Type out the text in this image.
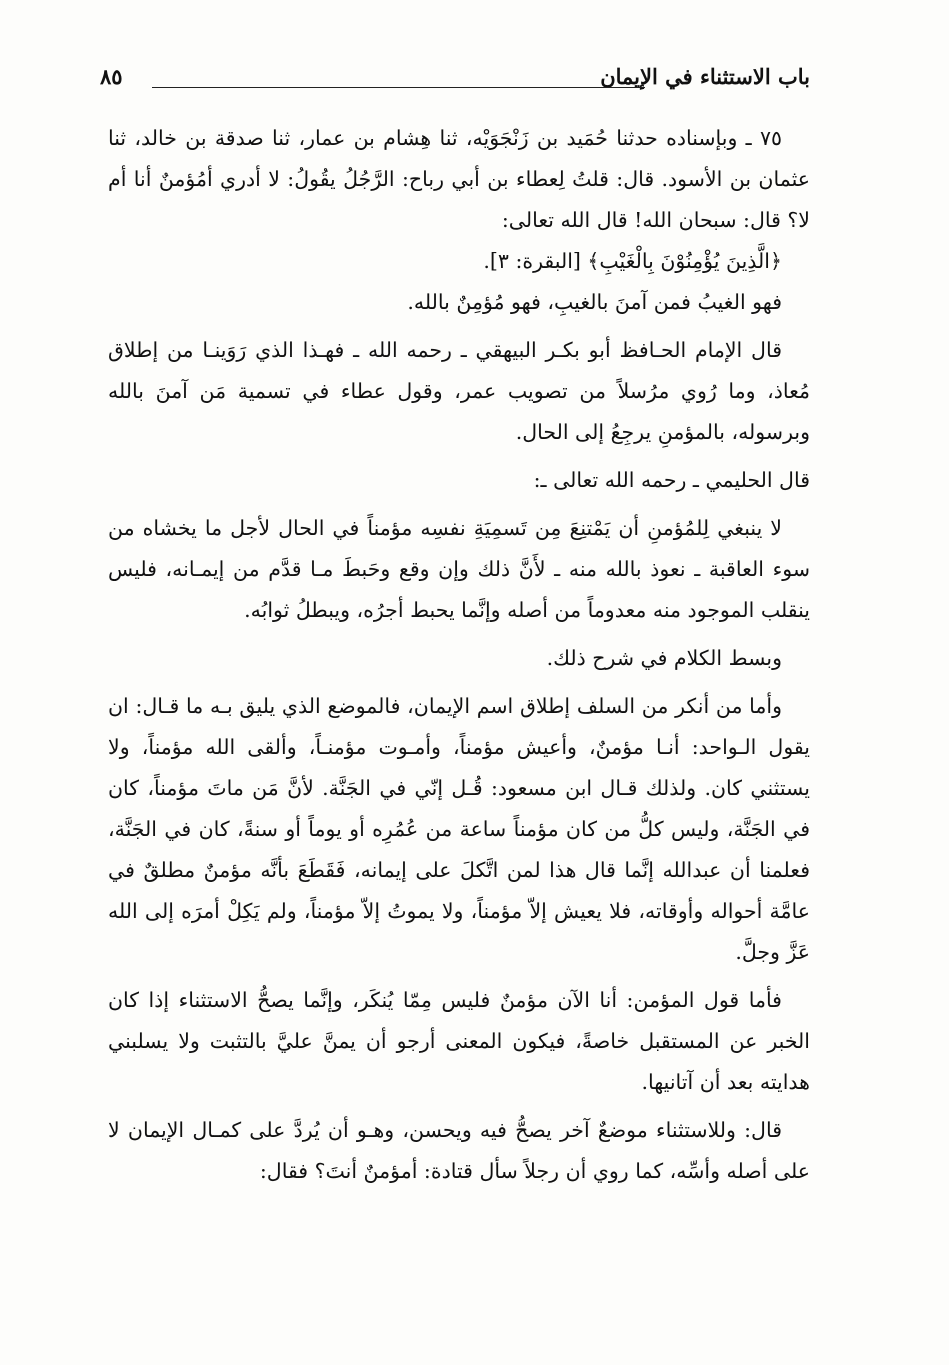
باب الاستثناء في الإيمان
٨٥

٧٥ ـ وبإسناده حدثنا حُمَيد بن زَنْجَوَيْه، ثنا هِشام بن عمار، ثنا صدقة بن خالد، ثنا عثمان بن الأسود. قال: قلتُ لِعطاء بن أبي رباح: الرَّجُلُ يقُولُ: لا أدري أمُؤمنٌ أنا أم لا؟ قال: سبحان الله! قال الله تعالى:

﴿الَّذِينَ يُؤْمِنُوْنَ بِالْغَيْبِ﴾ [البقرة: ٣].

فهو الغيبُ فمن آمنَ بالغيبِ، فهو مُؤمِنٌ بالله.

قال الإمام الحـافظ أبو بكـر البيهقي ـ رحمه الله ـ فهـذا الذي رَوَينـا من إطلاق مُعاذ، وما رُوي مرُسلاً من تصويب عمر، وقول عطاء في تسمية مَن آمنَ بالله وبرسوله، بالمؤمنِ يرجِعُ إلى الحال.

قال الحليمي ـ رحمه الله تعالى ـ:

لا ينبغي لِلمُؤمنِ أن يَمْتنِعَ مِن تَسمِيَةِ نفسِه مؤمناً في الحال لأجل ما يخشاه من سوء العاقبة ـ نعوذ بالله منه ـ لأَنَّ ذلك وإن وقع وحَبطَ مـا قدَّم من إيمـانه، فليس ينقلب الموجود منه معدوماً من أصله وإنَّما يحبط أجرُه، ويبطلُ ثوابُه.

وبسط الكلام في شرح ذلك.

وأما من أنكر من السلف إطلاق اسم الإيمان، فالموضع الذي يليق بـه ما قـال: ان يقول الـواحد: أنـا مؤمنٌ، وأعيش مؤمناً، وأمـوت مؤمنـاً، وألقى الله مؤمناً، ولا يستثني كان. ولذلك قـال ابن مسعود: قُـل إنّي في الجَنَّة. لأنَّ مَن ماتَ مؤمناً، كان في الجَنَّة، وليس كلُّ من كان مؤمناً ساعة من عُمُرِه أو يوماً أو سنةً، كان في الجَنَّة، فعلمنا أن عبدالله إنَّما قال هذا لمن اتَّكلَ على إيمانه، فَقَطَعَ بأنَّه مؤمنٌ مطلقٌ في عامَّة أحواله وأوقاته، فلا يعيش إلاّ مؤمناً، ولا يموتُ إلاّ مؤمناً، ولم يَكِلْ أمرَه إلى الله عَزَّ وجلَّ.

فأما قول المؤمن: أنا الآن مؤمنٌ فليس مِمّا يُنكَر، وإنَّما يصحُّ الاستثناء إذا كان الخبر عن المستقبل خاصةً، فيكون المعنى أرجو أن يمنَّ عليَّ بالتثبت ولا يسلبني هدايته بعد أن آتانيها.

قال: وللاستثناء موضعٌ آخر يصحُّ فيه ويحسن، وهـو أن يُردَّ على كمـال الإيمان لا على أصله وأسِّه، كما روي أن رجلاً سأل قتادة: أمؤمنٌ أنتَ؟ فقال:
